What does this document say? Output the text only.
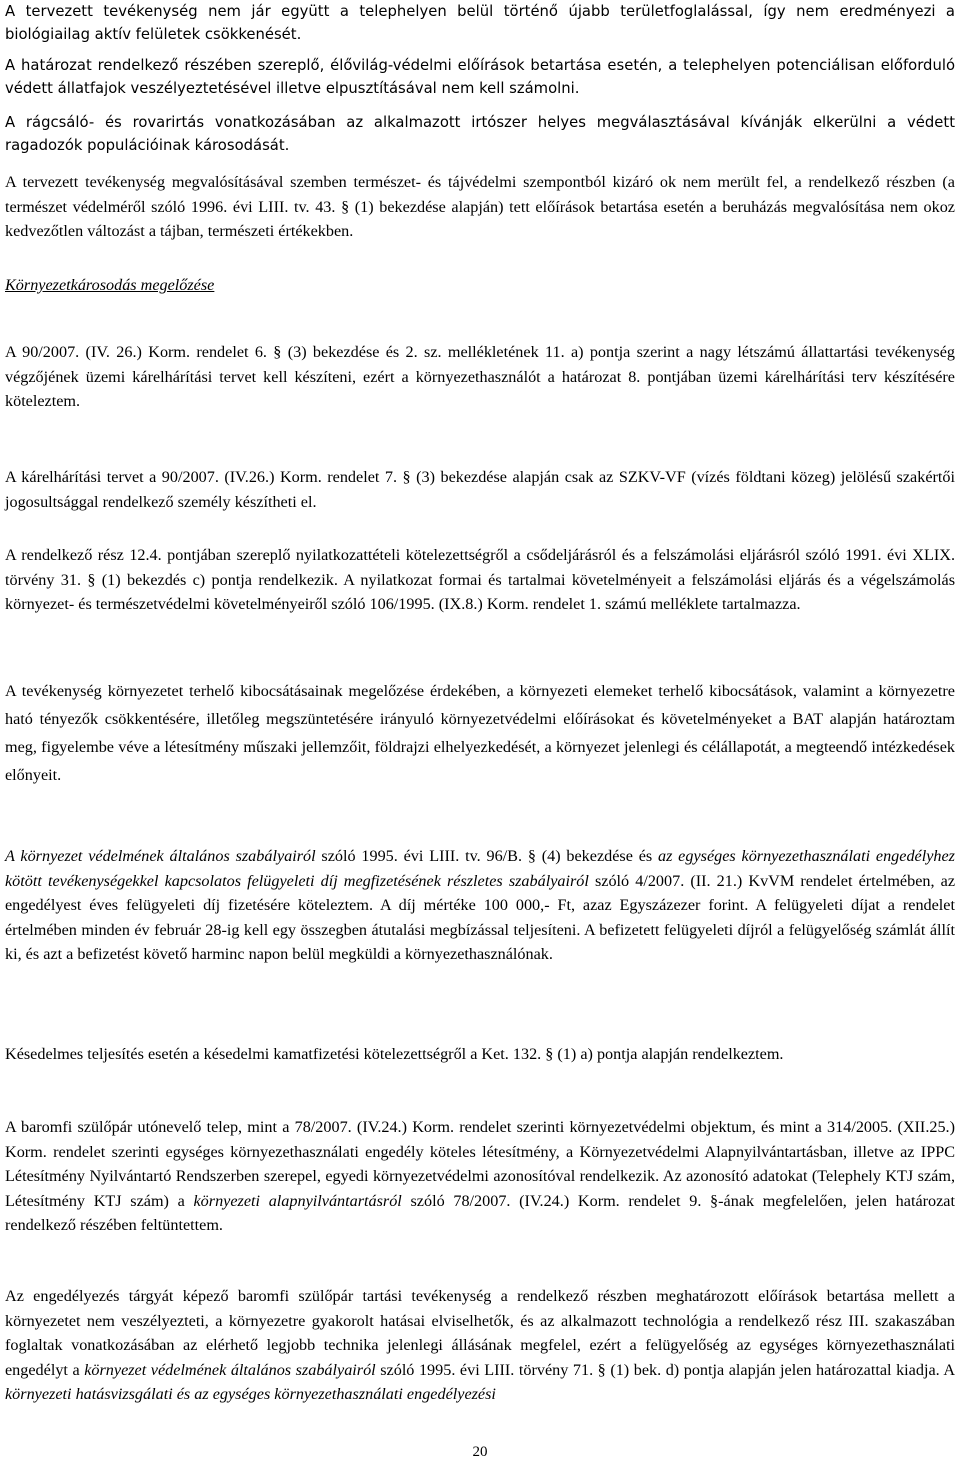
A tervezett tevékenység nem jár együtt a telephelyen belül történő újabb területfoglalással, így nem eredményezi a biológiailag aktív felületek csökkenését.

A határozat rendelkező részében szereplő, élővilág-védelmi előírások betartása esetén, a telephelyen potenciálisan előforduló védett állatfajok veszélyeztetésével illetve elpusztításával nem kell számolni.

A rágcsáló- és rovarirtás vonatkozásában az alkalmazott irtószer helyes megválasztásával kívánják elkerülni a védett ragadozók populációinak károsodását.

A tervezett tevékenység megvalósításával szemben természet- és tájvédelmi szempontból kizáró ok nem merült fel, a rendelkező részben (a természet védelméről szóló 1996. évi LIII. tv. 43. § (1) bekezdése alapján) tett előírások betartása esetén a beruházás megvalósítása nem okoz kedvezőtlen változást a tájban, természeti értékekben.

Környezetkárosodás megelőzése

A 90/2007. (IV. 26.) Korm. rendelet 6. § (3) bekezdése és 2. sz. mellékletének 11. a) pontja szerint a nagy létszámú állattartási tevékenység végzőjének üzemi kárelhárítási tervet kell készíteni, ezért a környezethasználót a határozat 8. pontjában üzemi kárelhárítási terv készítésére köteleztem.

A kárelhárítási tervet a 90/2007. (IV.26.) Korm. rendelet 7. § (3) bekezdése alapján csak az SZKV-VF (vízés földtani közeg) jelölésű szakértői jogosultsággal rendelkező személy készítheti el.

A rendelkező rész 12.4. pontjában szereplő nyilatkozattételi kötelezettségről a csődeljárásról és a felszámolási eljárásról szóló 1991. évi XLIX. törvény 31. § (1) bekezdés c) pontja rendelkezik. A nyilatkozat formai és tartalmai követelményeit a felszámolási eljárás és a végelszámolás környezet- és természetvédelmi követelményeiről szóló 106/1995. (IX.8.) Korm. rendelet 1. számú melléklete tartalmazza.

A tevékenység környezetet terhelő kibocsátásainak megelőzése érdekében, a környezeti elemeket terhelő kibocsátások, valamint a környezetre ható tényezők csökkentésére, illetőleg megszüntetésére irányuló környezetvédelmi előírásokat és követelményeket a BAT alapján határoztam meg, figyelembe véve a létesítmény műszaki jellemzőit, földrajzi elhelyezkedését, a környezet jelenlegi és célállapotát, a megteendő intézkedések előnyeit.

A környezet védelmének általános szabályairól szóló 1995. évi LIII. tv. 96/B. § (4) bekezdése és az egységes környezethasználati engedélyhez kötött tevékenységekkel kapcsolatos felügyeleti díj megfizetésének részletes szabályairól szóló 4/2007. (II. 21.) KvVM rendelet értelmében, az engedélyest éves felügyeleti díj fizetésére köteleztem. A díj mértéke 100 000,- Ft, azaz Egyszázezer forint. A felügyeleti díjat a rendelet értelmében minden év február 28-ig kell egy összegben átutalási megbízással teljesíteni. A befizetett felügyeleti díjról a felügyelőség számlát állít ki, és azt a befizetést követő harminc napon belül megküldi a környezethasználónak.

Késedelmes teljesítés esetén a késedelmi kamatfizetési kötelezettségről a Ket. 132. § (1) a) pontja alapján rendelkeztem.

A baromfi szülőpár utónevelő telep, mint a 78/2007. (IV.24.) Korm. rendelet szerinti környezetvédelmi objektum, és mint a 314/2005. (XII.25.) Korm. rendelet szerinti egységes környezethasználati engedély köteles létesítmény, a Környezetvédelmi Alapnyilvántartásban, illetve az IPPC Létesítmény Nyilvántartó Rendszerben szerepel, egyedi környezetvédelmi azonosítóval rendelkezik. Az azonosító adatokat (Telephely KTJ szám, Létesítmény KTJ szám) a környezeti alapnyilvántartásról szóló 78/2007. (IV.24.) Korm. rendelet 9. §-ának megfelelően, jelen határozat rendelkező részében feltüntettem.

Az engedélyezés tárgyát képező baromfi szülőpár tartási tevékenység a rendelkező részben meghatározott előírások betartása mellett a környezetet nem veszélyezteti, a környezetre gyakorolt hatásai elviselhetők, és az alkalmazott technológia a rendelkező rész III. szakaszában foglaltak vonatkozásában az elérhető legjobb technika jelenlegi állásának megfelel, ezért a felügyelőség az egységes környezethasználati engedélyt a környezet védelmének általános szabályairól szóló 1995. évi LIII. törvény 71. § (1) bek. d) pontja alapján jelen határozattal kiadja. A környezeti hatásvizsgálati és az egységes környezethasználati engedélyezési

20
